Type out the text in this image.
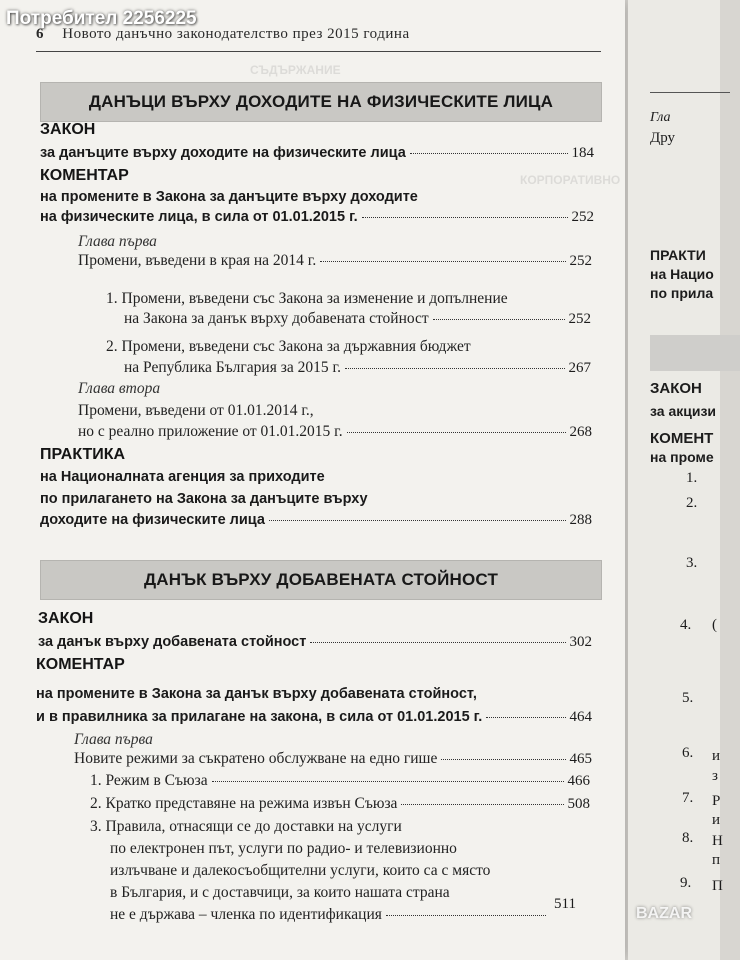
СЪДЪРЖАНИЕ
КОРПОРАТИВНО
6 Новото данъчно законодателство през 2015 година
ДАНЪЦИ ВЪРХУ ДОХОДИТЕ НА ФИЗИЧЕСКИТЕ ЛИЦА
ЗАКОН
за данъците върху доходите на физическите лица	184
КОМЕНТАР
на промените в Закона за данъците върху доходите
на физическите лица, в сила от 01.01.2015 г.	252
Глава първа
Промени, въведени в края на 2014 г.	252
1. Промени, въведени със Закона за изменение и допълнение
на Закона за данък върху добавената стойност	252
2. Промени, въведени със Закона за държавния бюджет
на Република България за 2015 г.	267
Глава втора
Промени, въведени от 01.01.2014 г.,
но с реално приложение от 01.01.2015 г.	268
ПРАКТИКА
на Националната агенция за приходите
по прилагането на Закона за данъците върху
доходите на физическите лица	288
ДАНЪК ВЪРХУ ДОБАВЕНАТА СТОЙНОСТ
ЗАКОН
за данък върху добавената стойност	302
КОМЕНТАР
на промените в Закона за данък върху добавената стойност,
и в правилника за прилагане на закона, в сила от 01.01.2015 г.	464
Глава първа
Новите режими за съкратено обслужване на едно гише	465
1. Режим в Съюза	466
2. Кратко представяне на режима извън Съюза	508
3. Правила, отнасящи се до доставки на услуги
по електронен път, услуги по радио- и телевизионно
излъчване и далекосъобщителни услуги, които са с място
в България, и с доставчици, за които нашата страна
не е държава – членка по идентификация
511
Потребител 2256225
Гла
Дру
ПРАКТИ
на Нацио
по прила
ЗАКОН
за акцизи
КОМЕНТ
на проме
1.
2.
3.
4.
5.
6.
7.
8.
9.
(
и
з
Р
и
Н
п
П
BAZAR
